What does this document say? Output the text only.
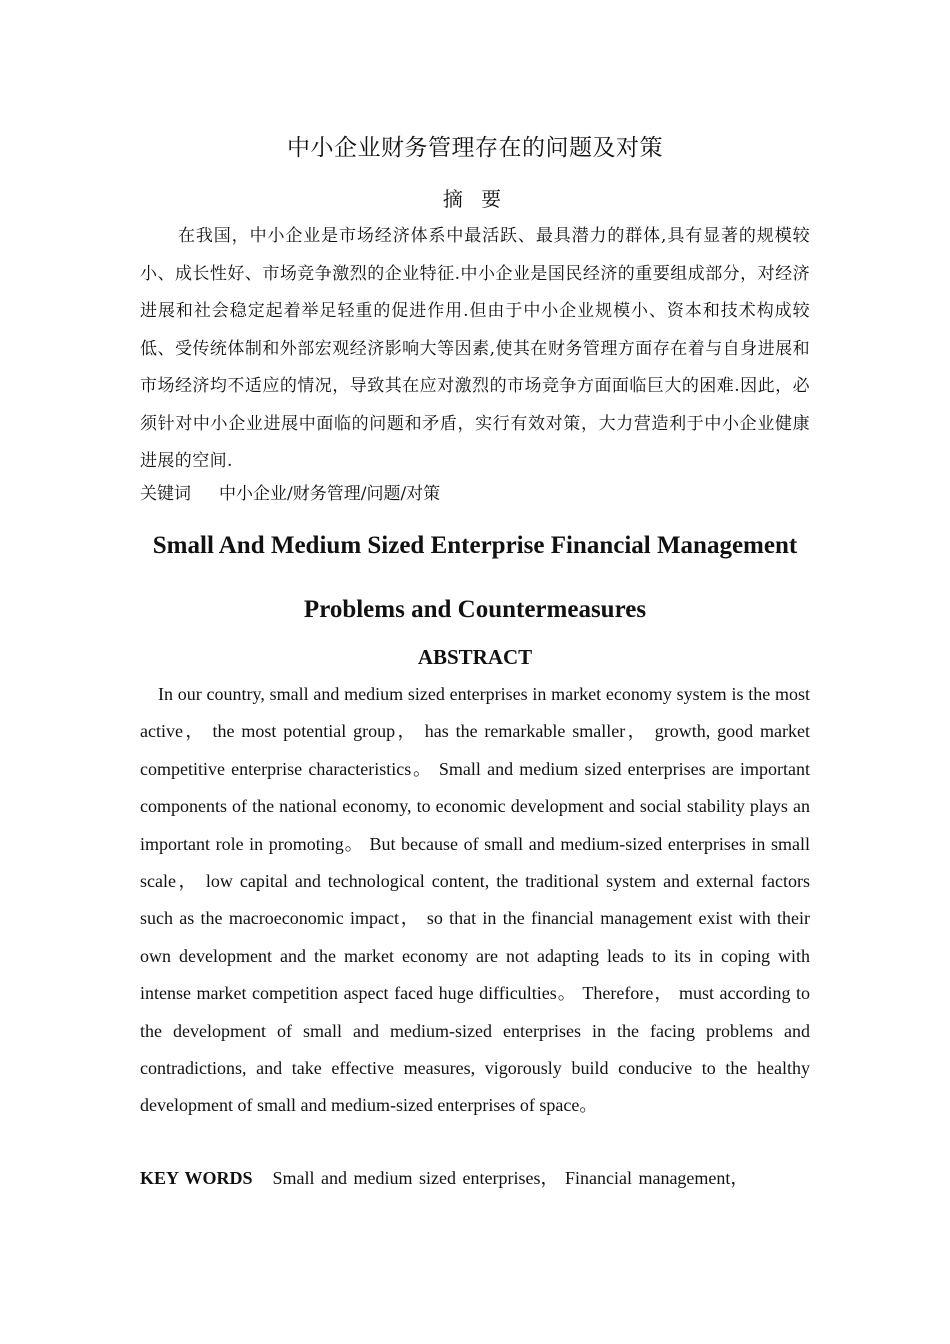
中小企业财务管理存在的问题及对策
摘 要

在我国，中小企业是市场经济体系中最活跃、最具潜力的群体,具有显著的规模较小、成长性好、市场竞争激烈的企业特征.中小企业是国民经济的重要组成部分，对经济进展和社会稳定起着举足轻重的促进作用.但由于中小企业规模小、资本和技术构成较低、受传统体制和外部宏观经济影响大等因素,使其在财务管理方面存在着与自身进展和市场经济均不适应的情况，导致其在应对激烈的市场竞争方面面临巨大的困难.因此，必须针对中小企业进展中面临的问题和矛盾，实行有效对策，大力营造利于中小企业健康进展的空间.

关键词 中小企业/财务管理/问题/对策
Small And Medium Sized Enterprise Financial Management Problems and Countermeasures
ABSTRACT

In our country, small and medium sized enterprises in market economy system is the most active， the most potential group， has the remarkable smaller， growth, good market competitive enterprise characteristics。 Small and medium sized enterprises are important components of the national economy, to economic development and social stability plays an important role in promoting。 But because of small and medium-sized enterprises in small scale， low capital and technological content, the traditional system and external factors such as the macroeconomic impact， so that in the financial management exist with their own development and the market economy are not adapting leads to its in coping with intense market competition aspect faced huge difficulties。 Therefore， must according to the development of small and medium-sized enterprises in the facing problems and contradictions, and take effective measures, vigorously build conducive to the healthy development of small and medium-sized enterprises of space。

KEY WORDS Small and medium sized enterprises， Financial management，
